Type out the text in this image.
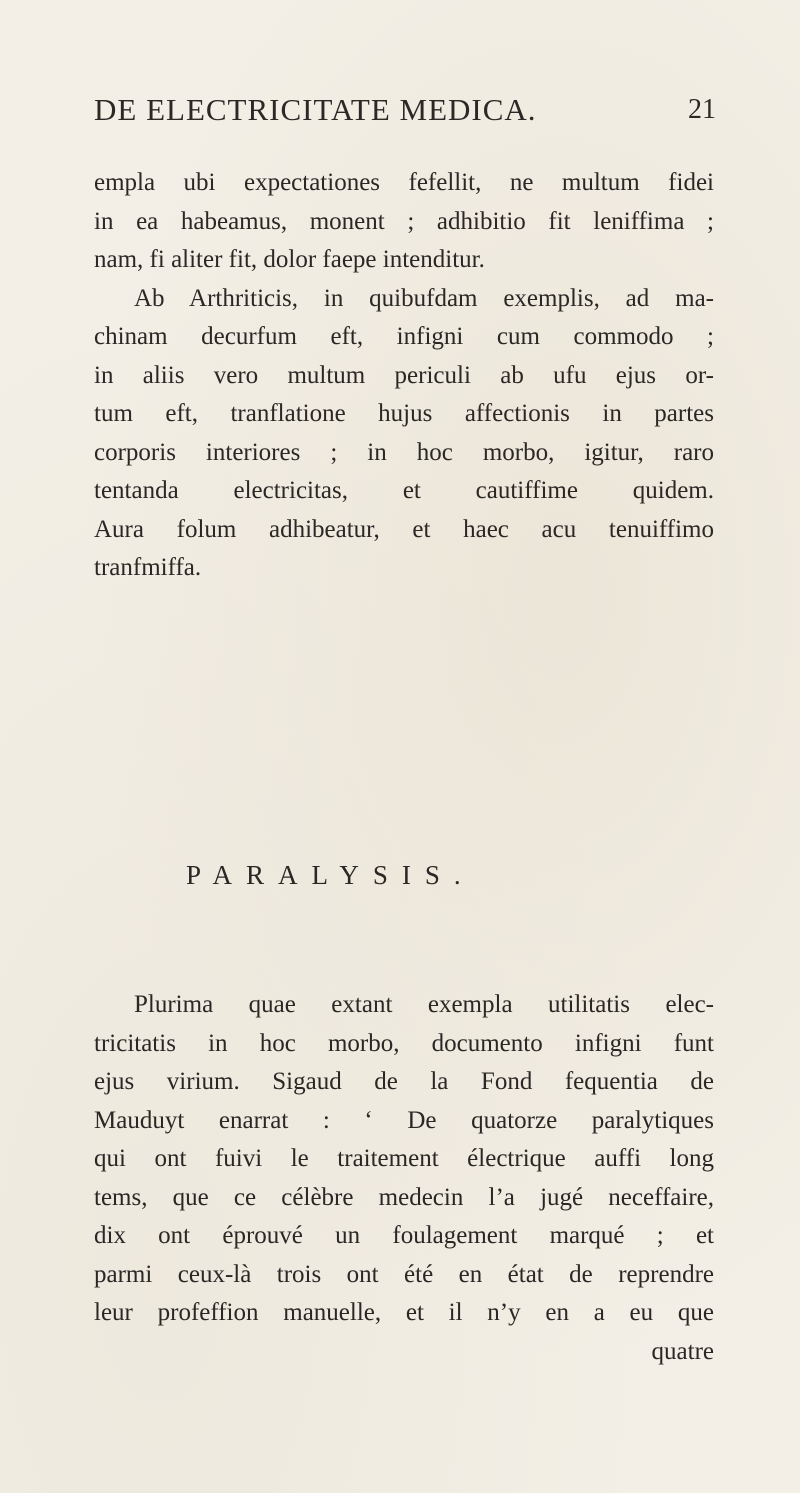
DE ELECTRICITATE MEDICA.	21
empla ubi expectationes fefellit, ne multum fidei
in ea habeamus, monent ; adhibitio fit leniffima ;
nam, fi aliter fit, dolor faepe intenditur.
Ab Arthriticis, in quibufdam exemplis, ad ma-
chinam decurfum eft, infigni cum commodo ;
in aliis vero multum periculi ab ufu ejus or-
tum eft, tranflatione hujus affectionis in partes
corporis interiores ; in hoc morbo, igitur, raro
tentanda electricitas, et cautiffime quidem.
Aura folum adhibeatur, et haec acu tenuiffimo
tranfmiffa.
PARALYSIS.
Plurima quae extant exempla utilitatis elec-
tricitatis in hoc morbo, documento infigni funt
ejus virium. Sigaud de la Fond fequentia de
Mauduyt enarrat : ‘ De quatorze paralytiques
qui ont fuivi le traitement électrique auffi long
tems, que ce célèbre medecin l’a jugé neceffaire,
dix ont éprouvé un foulagement marqué ; et
parmi ceux-là trois ont été en état de reprendre
leur profeffion manuelle, et il n’y en a eu que
quatre
